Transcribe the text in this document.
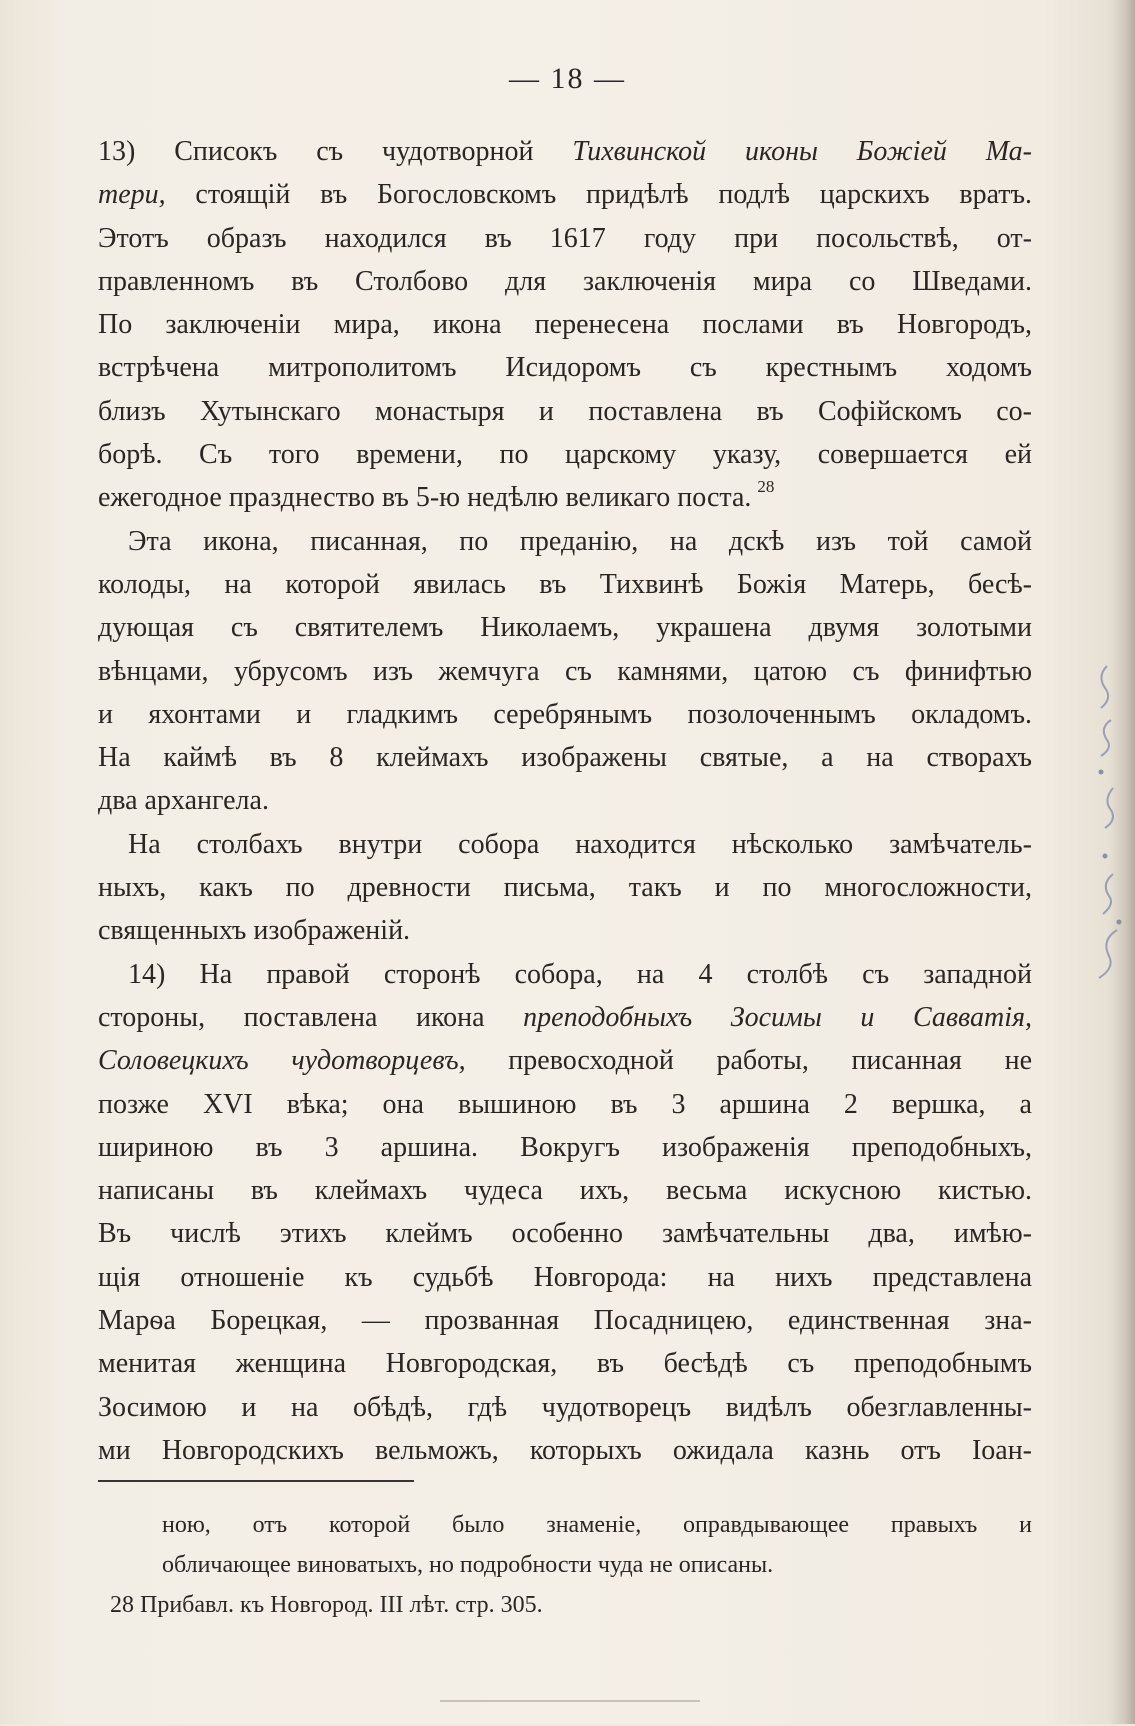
— 18 —
13) Списокъ съ чудотворной Тихвинской иконы Божіей Ма-
тери, стоящій въ Богословскомъ придѣлѣ подлѣ царскихъ вратъ.
Этотъ образъ находился въ 1617 году при посольствѣ, от-
правленномъ въ Столбово для заключенія мира со Шведами.
По заключеніи мира, икона перенесена послами въ Новгородъ,
встрѣчена митрополитомъ Исидоромъ съ крестнымъ ходомъ
близъ Хутынскаго монастыря и поставлена въ Софійскомъ со-
борѣ. Съ того времени, по царскому указу, совершается ей
ежегодное празднество въ 5-ю недѣлю великаго поста. $^{28}$
Эта икона, писанная, по преданію, на дскѣ изъ той самой
колоды, на которой явилась въ Тихвинѣ Божія Матерь, бесѣ-
дующая съ святителемъ Николаемъ, украшена двумя золотыми
вѣнцами, убрусомъ изъ жемчуга съ камнями, цатою съ финифтью
и яхонтами и гладкимъ серебрянымъ позолоченнымъ окладомъ.
На каймѣ въ 8 клеймахъ изображены святые, а на створахъ
два архангела.
На столбахъ внутри собора находится нѣсколько замѣчатель-
ныхъ, какъ по древности письма, такъ и по многосложности,
священныхъ изображеній.
14) На правой сторонѣ собора, на 4 столбѣ съ западной
стороны, поставлена икона преподобныхъ Зосимы и Савватія,
Соловецкихъ чудотворцевъ, превосходной работы, писанная не
позже XVI вѣка; она вышиною въ 3 аршина 2 вершка, а
шириною въ 3 аршина. Вокругъ изображенія преподобныхъ,
написаны въ клеймахъ чудеса ихъ, весьма искусною кистью.
Въ числѣ этихъ клеймъ особенно замѣчательны два, имѣю-
щія отношеніе къ судьбѣ Новгорода: на нихъ представлена
Марѳа Борецкая, — прозванная Посадницею, единственная зна-
менитая женщина Новгородская, въ бесѣдѣ съ преподобнымъ
Зосимою и на обѣдѣ, гдѣ чудотворецъ видѣлъ обезглавленны-
ми Новгородскихъ вельможъ, которыхъ ожидала казнь отъ Іоан-
ною, отъ которой было знаменіе, оправдывающее правыхъ и
обличающее виноватыхъ, но подробности чуда не описаны.
28 Прибавл. къ Новгород. III лѣт. стр. 305.
